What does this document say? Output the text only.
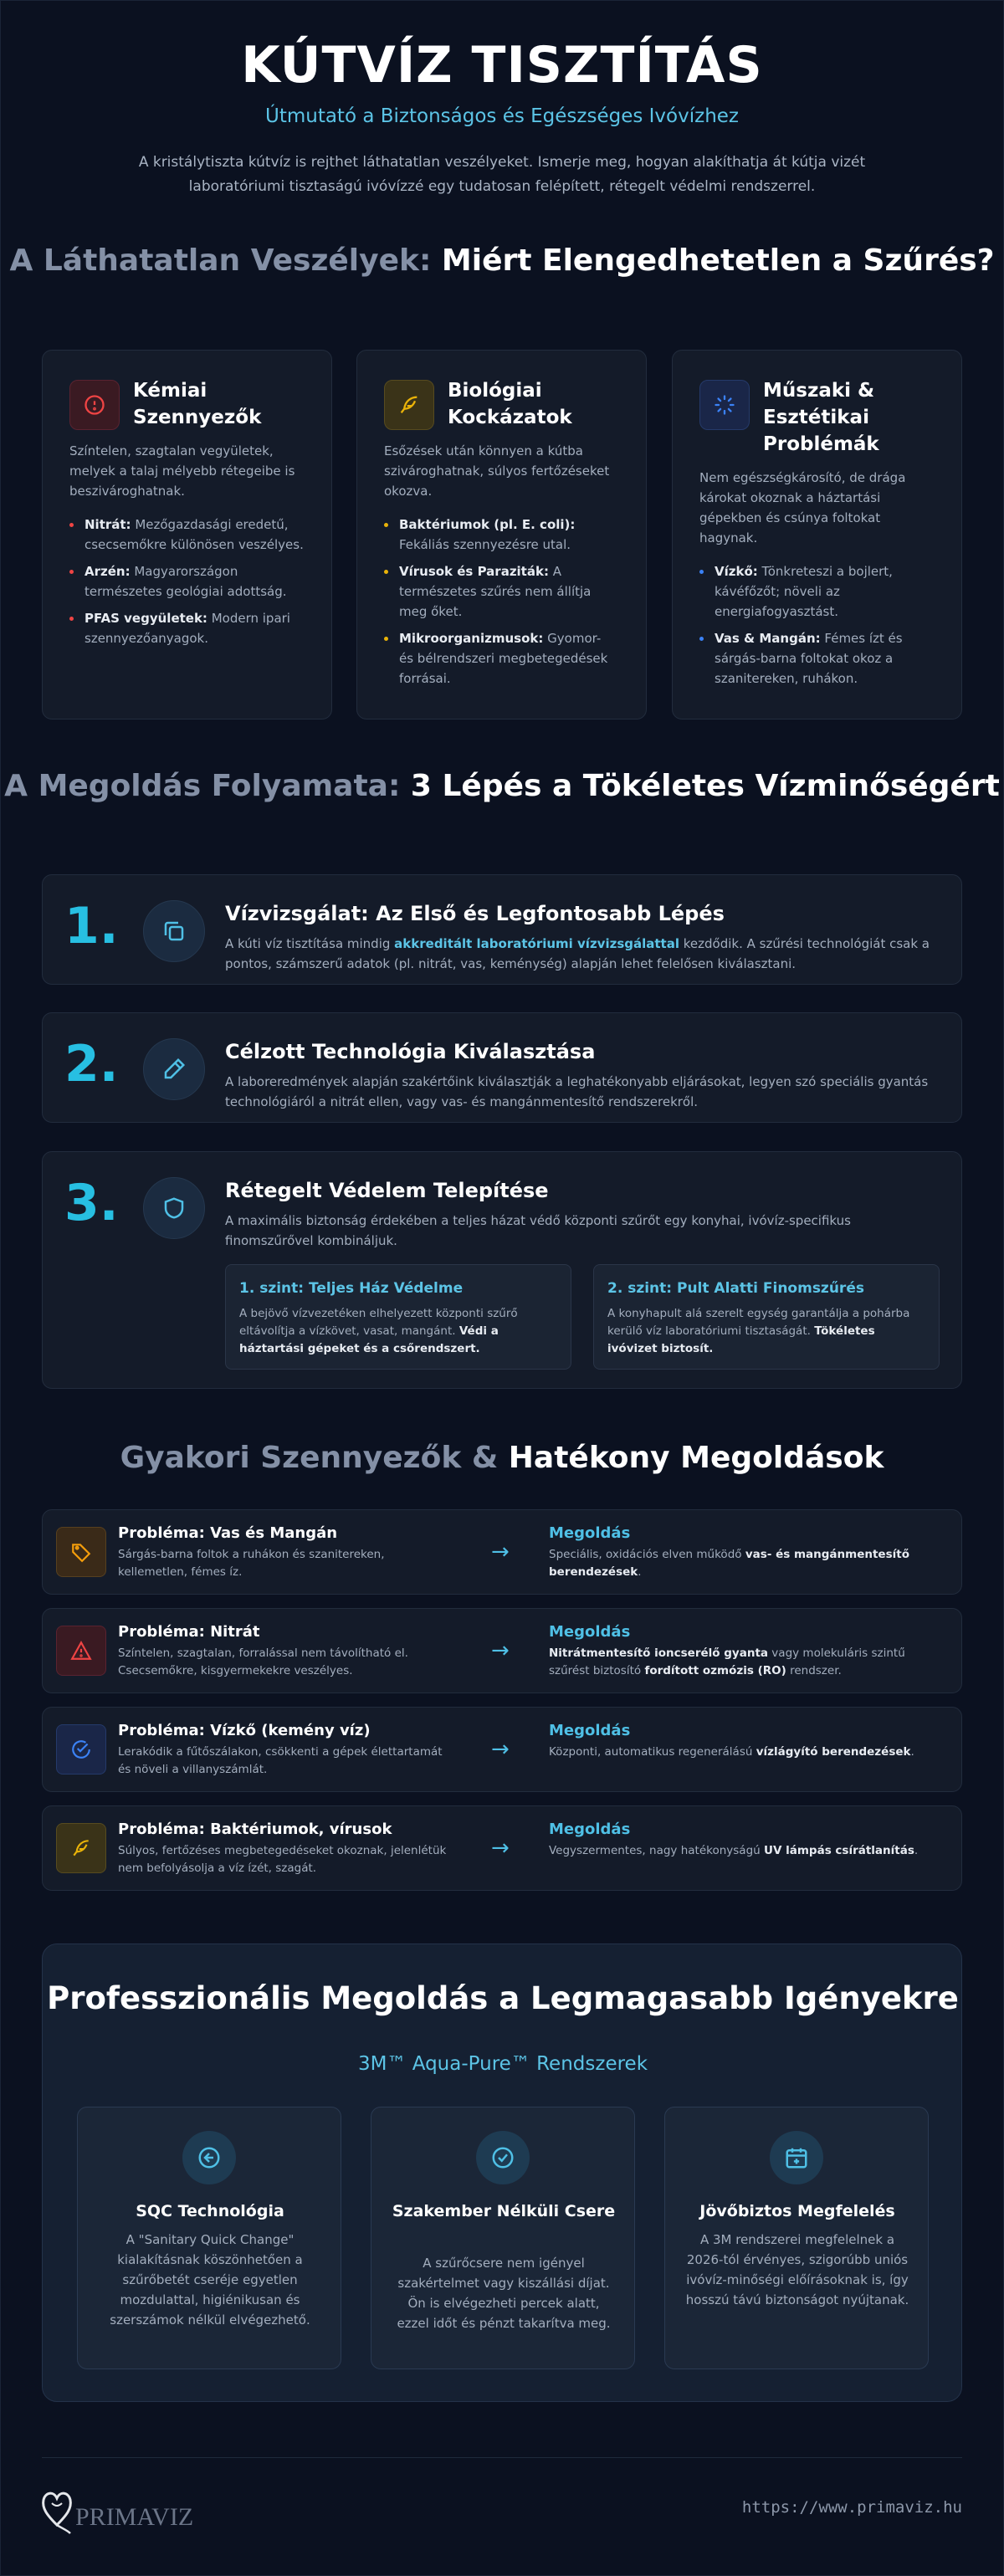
KÚTVÍZ TISZTÍTÁS
Útmutató a Biztonságos és Egészséges Ivóvízhez

A kristálytiszta kútvíz is rejthet láthatatlan veszélyeket. Ismerje meg, hogyan alakíthatja át kútja vizét laboratóriumi tisztaságú ivóvízzé egy tudatosan felépített, rétegelt védelmi rendszerrel.

A Láthatatlan Veszélyek: Miért Elengedhetetlen a Szűrés?
Kémiai Szennyezők

Színtelen, szagtalan vegyületek, melyek a talaj mélyebb rétegeibe is beszivároghatnak.

Nitrát: Mezőgazdasági eredetű, csecsemőkre különösen veszélyes.
Arzén: Magyarországon természetes geológiai adottság.
PFAS vegyületek: Modern ipari szennyezőanyagok.
Biológiai Kockázatok

Esőzések után könnyen a kútba szivároghatnak, súlyos fertőzéseket okozva.

Baktériumok (pl. E. coli): Fekáliás szennyezésre utal.
Vírusok és Paraziták: A természetes szűrés nem állítja meg őket.
Mikroorganizmusok: Gyomor- és bélrendszeri megbetegedések forrásai.
Műszaki & Esztétikai Problémák

Nem egészségkárosító, de drága károkat okoznak a háztartási gépekben és csúnya foltokat hagynak.

Vízkő: Tönkreteszi a bojlert, kávéfőzőt; növeli az energiafogyasztást.
Vas & Mangán: Fémes ízt és sárgás-barna foltokat okoz a szanitereken, ruhákon.
A Megoldás Folyamata: 3 Lépés a Tökéletes Vízminőségért
1.	Vízvizsgálat: Az Első és Legfontosabb Lépés

A kúti víz tisztítása mindig akkreditált laboratóriumi vízvizsgálattal kezdődik. A szűrési technológiát csak a pontos, számszerű adatok (pl. nitrát, vas, keménység) alapján lehet felelősen kiválasztani.

2.	Célzott Technológia Kiválasztása

A laboreredmények alapján szakértőink kiválasztják a leghatékonyabb eljárásokat, legyen szó speciális gyantás technológiáról a nitrát ellen, vagy vas- és mangánmentesítő rendszerekről.

3.	Rétegelt Védelem Telepítése

A maximális biztonság érdekében a teljes házat védő központi szűrőt egy konyhai, ivóvíz-specifikus finomszűrővel kombináljuk.

1. szint: Teljes Ház Védelme
A bejövő vízvezetéken elhelyezett központi szűrő eltávolítja a vízkövet, vasat, mangánt. Védi a háztartási gépeket és a csőrendszert.
2. szint: Pult Alatti Finomszűrés
A konyhapult alá szerelt egység garantálja a pohárba kerülő víz laboratóriumi tisztaságát. Tökéletes ivóvizet biztosít.
Gyakori Szennyezők & Hatékony Megoldások
Probléma: Vas és Mangán
Sárgás-barna foltok a ruhákon és szanitereken, kellemetlen, fémes íz.
→
Megoldás
Speciális, oxidációs elven működő vas- és mangánmentesítő berendezések.
Probléma: Nitrát
Színtelen, szagtalan, forralással nem távolítható el. Csecsemőkre, kisgyermekekre veszélyes.
→
Megoldás
Nitrátmentesítő ioncserélő gyanta vagy molekuláris szintű szűrést biztosító fordított ozmózis (RO) rendszer.
Probléma: Vízkő (kemény víz)
Lerakódik a fűtőszálakon, csökkenti a gépek élettartamát és növeli a villanyszámlát.
→
Megoldás
Központi, automatikus regenerálású vízlágyító berendezések.
Probléma: Baktériumok, vírusok
Súlyos, fertőzéses megbetegedéseket okoznak, jelenlétük nem befolyásolja a víz ízét, szagát.
→
Megoldás
Vegyszermentes, nagy hatékonyságú UV lámpás csírátlanítás.
Professzionális Megoldás a Legmagasabb Igényekre
3M™ Aqua-Pure™ Rendszerek
SQC Technológia

A "Sanitary Quick Change" kialakításnak köszönhetően a szűrőbetét cseréje egyetlen mozdulattal, higiénikusan és szerszámok nélkül elvégezhető.

Szakember Nélküli Csere

A szűrőcsere nem igényel szakértelmet vagy kiszállási díjat. Ön is elvégezheti percek alatt, ezzel időt és pénzt takarítva meg.

Jövőbiztos Megfelelés

A 3M rendszerei megfelelnek a 2026-tól érvényes, szigorúbb uniós ivóvíz-minőségi előírásoknak is, így hosszú távú biztonságot nyújtanak.

PRIMAVIZ	https://www.primaviz.hu
